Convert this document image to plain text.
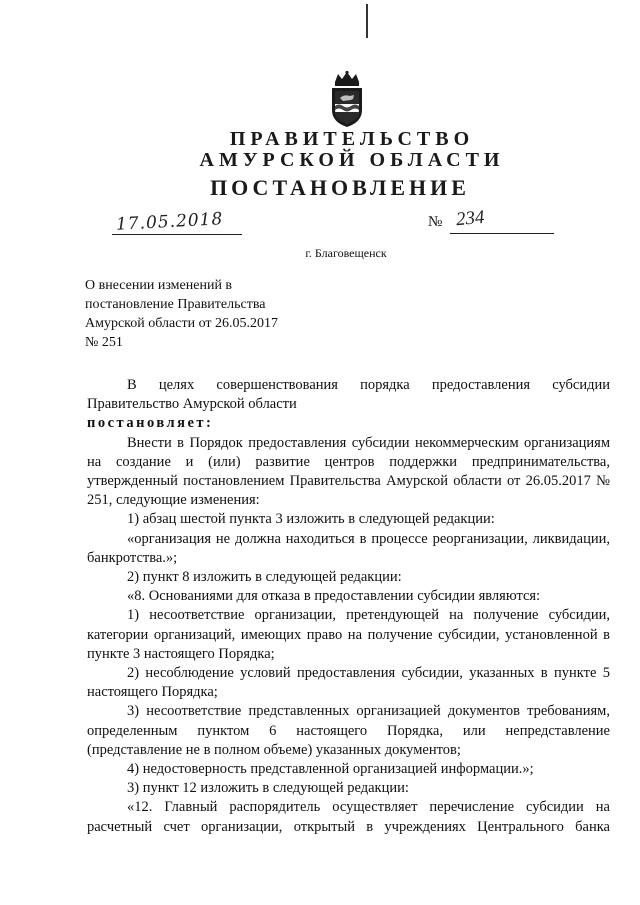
ПРАВИТЕЛЬСТВО
АМУРСКОЙ ОБЛАСТИ
ПОСТАНОВЛЕНИЕ
17.05.2018	№ 234
г. Благовещенск
О внесении изменений в
постановление Правительства
Амурской области от 26.05.2017
№ 251
В целях совершенствования порядка предоставления субсидии Правительство Амурской области
постановляет:
Внести в Порядок предоставления субсидии некоммерческим организациям на создание и (или) развитие центров поддержки предпринимательства, утвержденный постановлением Правительства Амурской области от 26.05.2017 № 251, следующие изменения:
1) абзац шестой пункта 3 изложить в следующей редакции:
«организация не должна находиться в процессе реорганизации, ликвидации, банкротства.»;
2) пункт 8 изложить в следующей редакции:
«8. Основаниями для отказа в предоставлении субсидии являются:
1) несоответствие организации, претендующей на получение субсидии, категории организаций, имеющих право на получение субсидии, установленной в пункте 3 настоящего Порядка;
2) несоблюдение условий предоставления субсидии, указанных в пункте 5 настоящего Порядка;
3) несоответствие представленных организацией документов требованиям, определенным пунктом 6 настоящего Порядка, или непредставление (представление не в полном объеме) указанных документов;
4) недостоверность представленной организацией информации.»;
3) пункт 12 изложить в следующей редакции:
«12. Главный распорядитель осуществляет перечисление субсидии на расчетный счет организации, открытый в учреждениях Центрального банка
